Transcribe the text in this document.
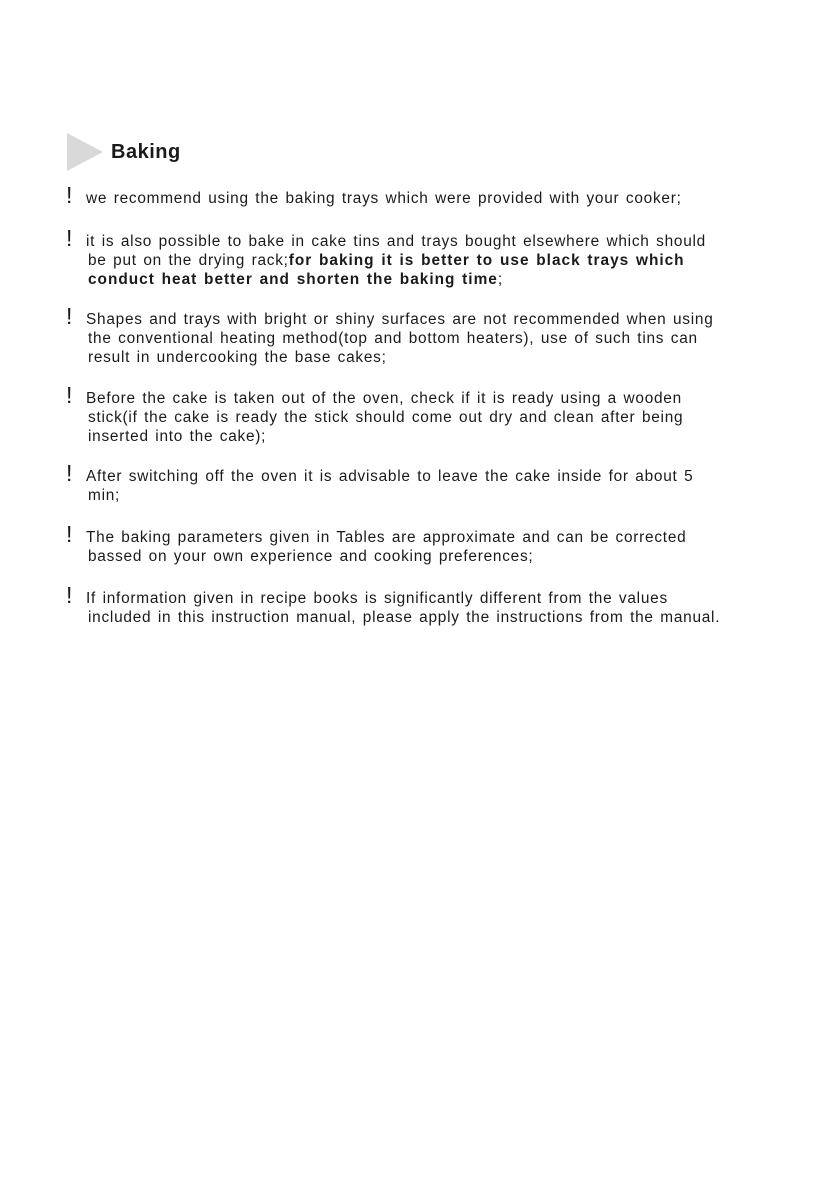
Baking
! we recommend using the baking trays which were provided with your cooker;
! it is also possible to bake in cake tins and trays bought elsewhere which should
be put on the drying rack;for baking it is better to use black trays which
conduct heat better and shorten the baking time;
! Shapes and trays with bright or shiny surfaces are not recommended when using
the conventional heating method(top and bottom heaters), use of such tins can
result in undercooking the base cakes;
! Before the cake is taken out of the oven, check if it is ready using a wooden
stick(if the cake is ready the stick should come out dry and clean after being
inserted into the cake);
! After switching off the oven it is advisable to leave the cake inside for about 5
min;
! The baking parameters given in Tables are approximate and can be corrected
bassed on your own experience and cooking preferences;
! If information given in recipe books is significantly different from the values
included in this instruction manual, please apply the instructions from the manual.
